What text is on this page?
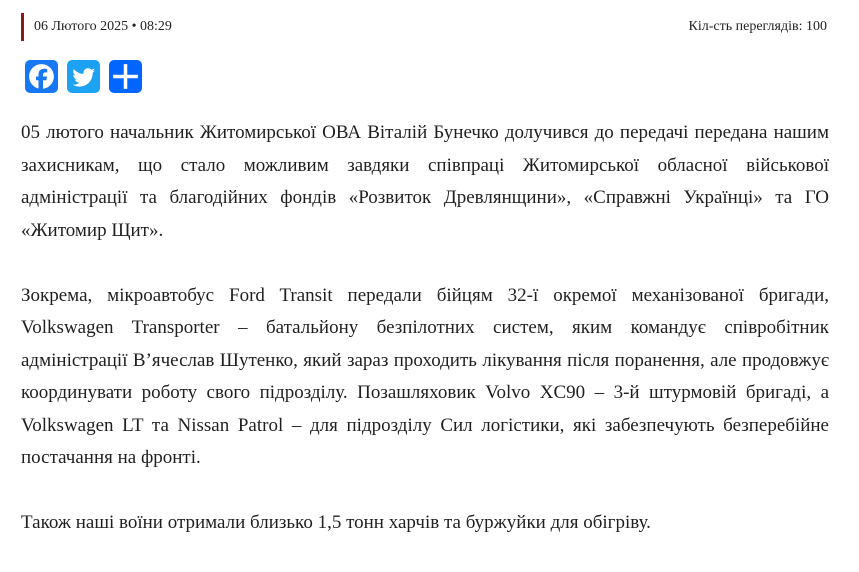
06 Лютого 2025 • 08:29	Кіл-сть переглядів: 100

05 лютого начальник Житомирської ОВА Віталій Бунечко долучився до передачі передана нашим захисникам, що стало можливим завдяки співпраці Житомирської обласної військової адміністрації та благодійних фондів «Розвиток Древлянщини», «Справжні Українці» та ГО «Житомир Щит».

Зокрема, мікроавтобус Ford Transit передали бійцям 32-ї окремої механізованої бригади, Volkswagen Transporter – батальйону безпілотних систем, яким командує співробітник адміністрації В’ячеслав Шутенко, який зараз проходить лікування після поранення, але продовжує координувати роботу свого підрозділу. Позашляховик Volvo XC90 – 3-й штурмовій бригаді, а Volkswagen LT та Nissan Patrol – для підрозділу Сил логістики, які забезпечують безперебійне постачання на фронті.

Також наші воїни отримали близько 1,5 тонн харчів та буржуйки для обігріву.
